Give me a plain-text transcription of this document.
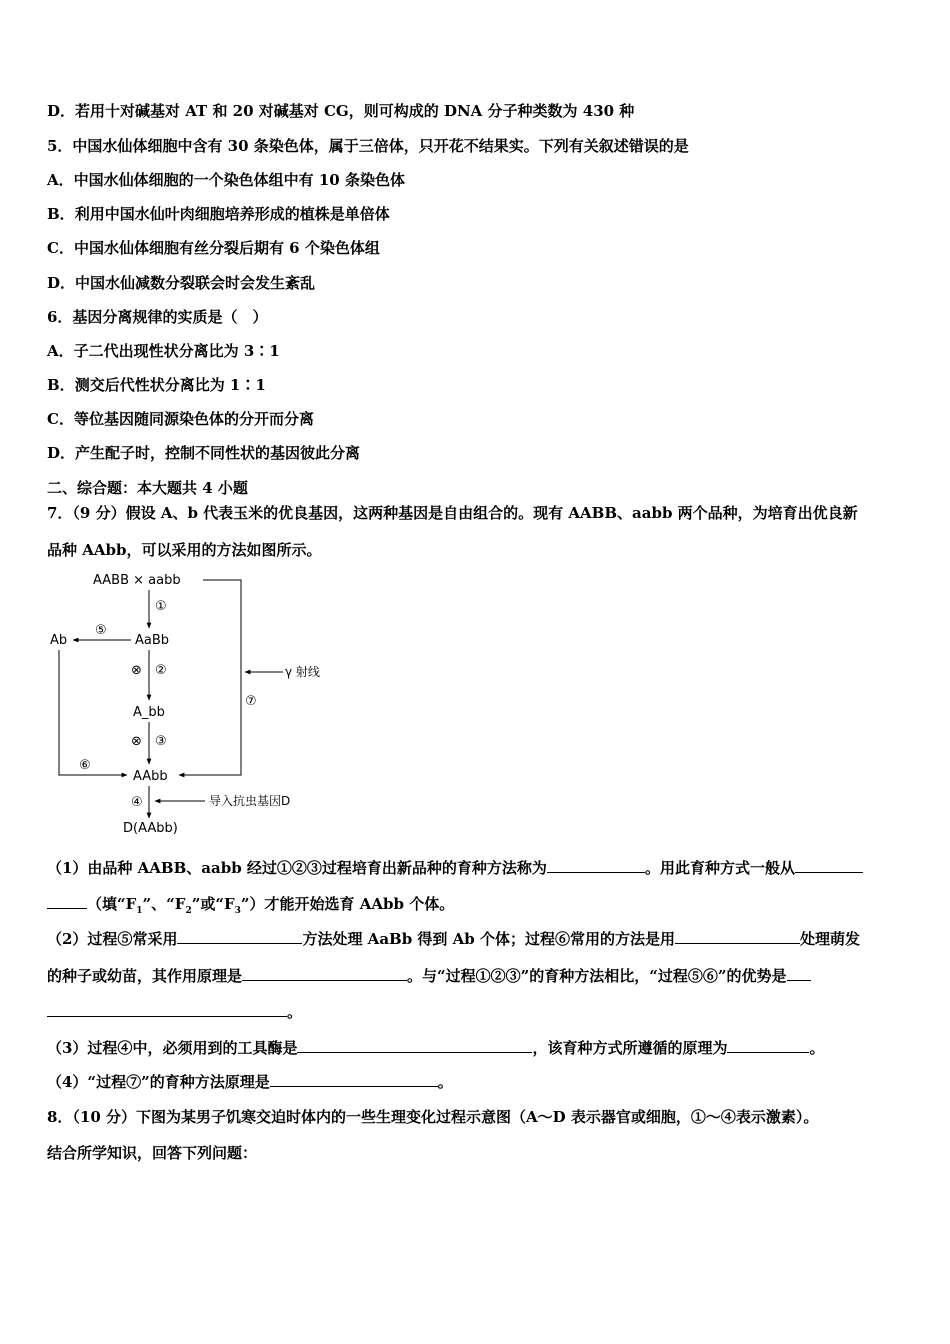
D．若用十对碱基对 AT 和 20 对碱基对 CG，则可构成的 DNA 分子种类数为 430 种
5．中国水仙体细胞中含有 30 条染色体，属于三倍体，只开花不结果实。下列有关叙述错误的是
A．中国水仙体细胞的一个染色体组中有 10 条染色体
B．利用中国水仙叶肉细胞培养形成的植株是单倍体
C．中国水仙体细胞有丝分裂后期有 6 个染色体组
D．中国水仙减数分裂联会时会发生紊乱
6．基因分离规律的实质是（　）
A．子二代出现性状分离比为 3∶1
B．测交后代性状分离比为 1∶1
C．等位基因随同源染色体的分开而分离
D．产生配子时，控制不同性状的基因彼此分离
二、综合题：本大题共 4 小题
7．（9 分）假设 A、b 代表玉米的优良基因，这两种基因是自由组合的。现有 AABB、aabb 两个品种，为培育出优良新
品种 AAbb，可以采用的方法如图所示。
AABB × aabb
①
γ 射线
⑦
AaBb
⑤
Ab
⑥
⊗ ②
A_bb
⊗ ③
AAbb
④	导入抗虫基因D
D(AAbb)
（1）由品种 AABB、aabb 经过①②③过程培育出新品种的育种方法称为	。用此育种方式一般从
（填“$F_1$”、“$F_2$”或“$F_3$”）才能开始选育 AAbb 个体。
（2）过程⑤常采用	方法处理 AaBb 得到 Ab 个体；过程⑥常用的方法是用	处理萌发
的种子或幼苗，其作用原理是	。与“过程①②③”的育种方法相比，“过程⑤⑥”的优势是
。
（3）过程④中，必须用到的工具酶是	，该育种方式所遵循的原理为	。
（4）“过程⑦”的育种方法原理是	。
8．（10 分）下图为某男子饥寒交迫时体内的一些生理变化过程示意图（A～D 表示器官或细胞，①～④表示激素）。
结合所学知识，回答下列问题：
